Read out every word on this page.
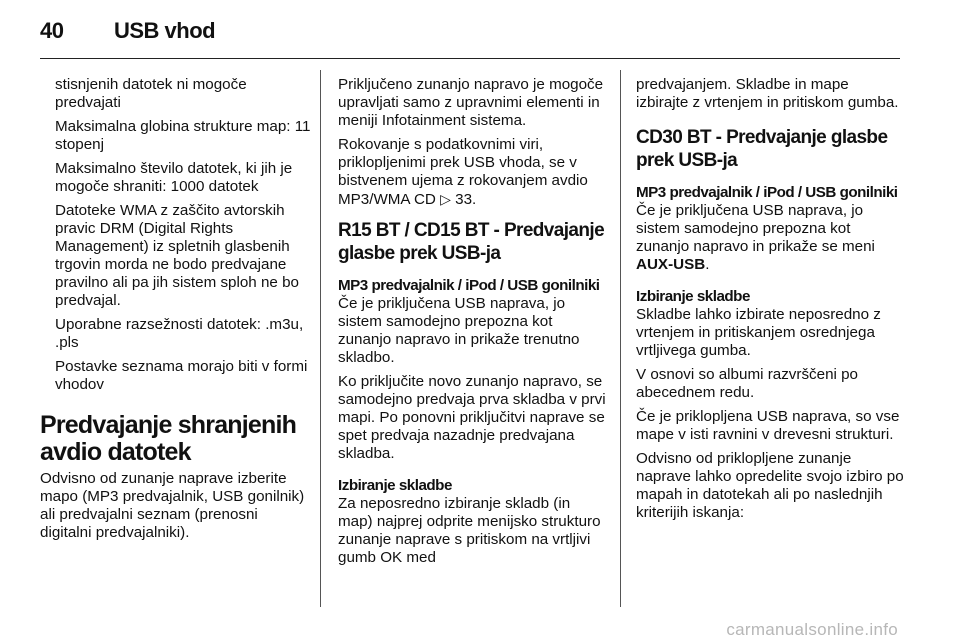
40 USB vhod

stisnjenih datotek ni mogoče predvajati

Maksimalna globina strukture map: 11 stopenj

Maksimalno število datotek, ki jih je mogoče shraniti: 1000 datotek

Datoteke WMA z zaščito avtorskih pravic DRM (Digital Rights Management) iz spletnih glasbenih trgovin morda ne bodo predvajane pravilno ali pa jih sistem sploh ne bo predvajal.

Uporabne razsežnosti datotek: .m3u, .pls

Postavke seznama morajo biti v formi vhodov

Predvajanje shranjenih avdio datotek

Odvisno od zunanje naprave izberite mapo (MP3 predvajalnik, USB gonilnik) ali predvajalni seznam (prenosni digitalni predvajalniki).

Priključeno zunanjo napravo je mogoče upravljati samo z upravnimi elementi in meniji Infotainment sistema.

Rokovanje s podatkovnimi viri, priklopljenimi prek USB vhoda, se v bistvenem ujema z rokovanjem avdio MP3/WMA CD ▷ 33.

R15 BT / CD15 BT - Predvajanje glasbe prek USB-ja
MP3 predvajalnik / iPod / USB gonilniki

Če je priključena USB naprava, jo sistem samodejno prepozna kot zunanjo napravo in prikaže trenutno skladbo.

Ko priključite novo zunanjo napravo, se samodejno predvaja prva skladba v prvi mapi. Po ponovni priključitvi naprave se spet predvaja nazadnje predvajana skladba.

Izbiranje skladbe

Za neposredno izbiranje skladb (in map) najprej odprite menijsko strukturo zunanje naprave s pritiskom na vrtljivi gumb OK med

predvajanjem. Skladbe in mape izbirajte z vrtenjem in pritiskom gumba.

CD30 BT - Predvajanje glasbe prek USB-ja
MP3 predvajalnik / iPod / USB gonilniki

Če je priključena USB naprava, jo sistem samodejno prepozna kot zunanjo napravo in prikaže se meni AUX-USB.

Izbiranje skladbe

Skladbe lahko izbirate neposredno z vrtenjem in pritiskanjem osrednjega vrtljivega gumba.

V osnovi so albumi razvrščeni po abecednem redu.

Če je priklopljena USB naprava, so vse mape v isti ravnini v drevesni strukturi.

Odvisno od priklopljene zunanje naprave lahko opredelite svojo izbiro po mapah in datotekah ali po naslednjih kriterijih iskanja:

carmanualsonline.info
